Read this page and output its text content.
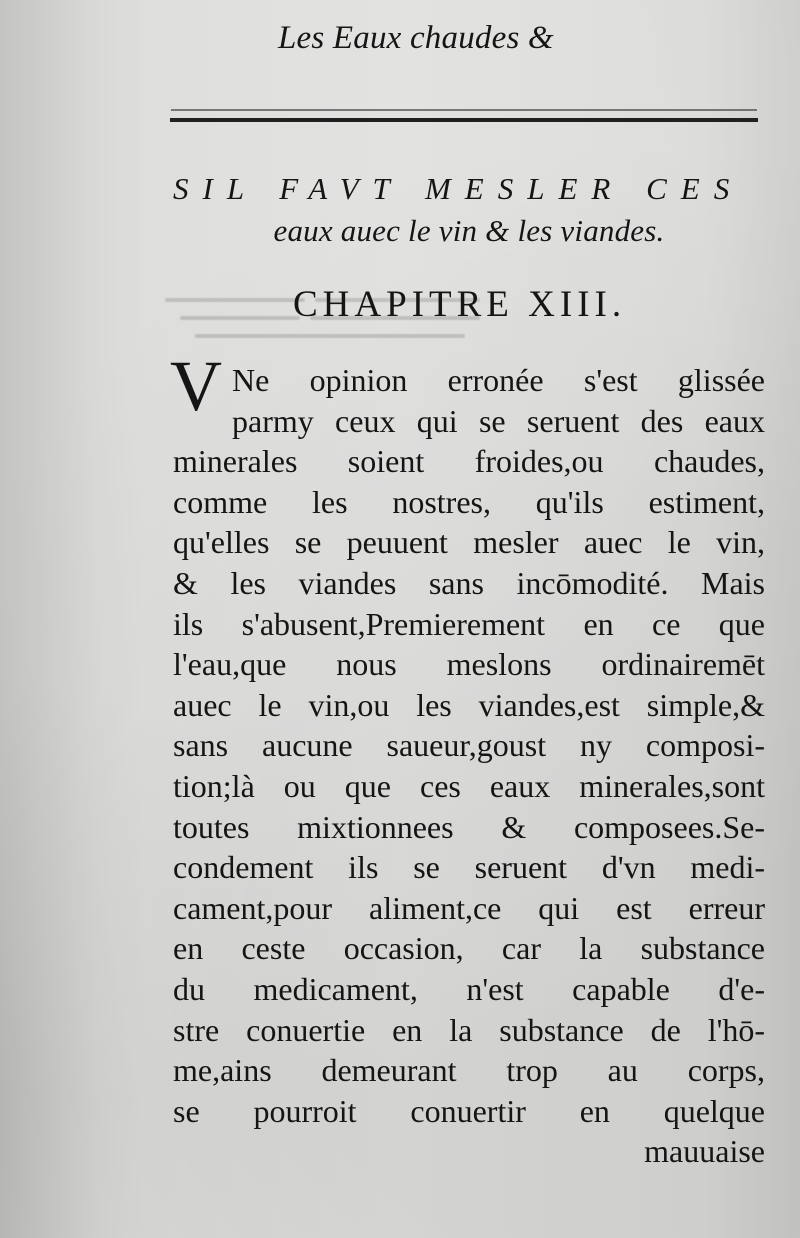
Les Eaux chaudes &
SIL FAVT MESLER CES
eaux auec le vin & les viandes.
CHAPITRE XIII.
Ne opinion erronée s'est glissée
parmy ceux qui se seruent des eaux
minerales soient froides,ou chaudes,
comme les nostres, qu'ils estiment,
qu'elles se peuuent mesler auec le vin,
& les viandes sans incōmodité. Mais
ils s'abusent,Premierement en ce que
l'eau,que nous meslons ordinairemēt
auec le vin,ou les viandes,est simple,&
sans aucune saueur,goust ny composi-
tion;là ou que ces eaux minerales,sont
toutes mixtionnees & composees.Se-
condement ils se seruent d'vn medi-
cament,pour aliment,ce qui est erreur
en ceste occasion, car la substance
du medicament, n'est capable d'e-
stre conuertie en la substance de l'hō-
me,ains demeurant trop au corps,
se pourroit conuertir en quelque
mauuaise
V
